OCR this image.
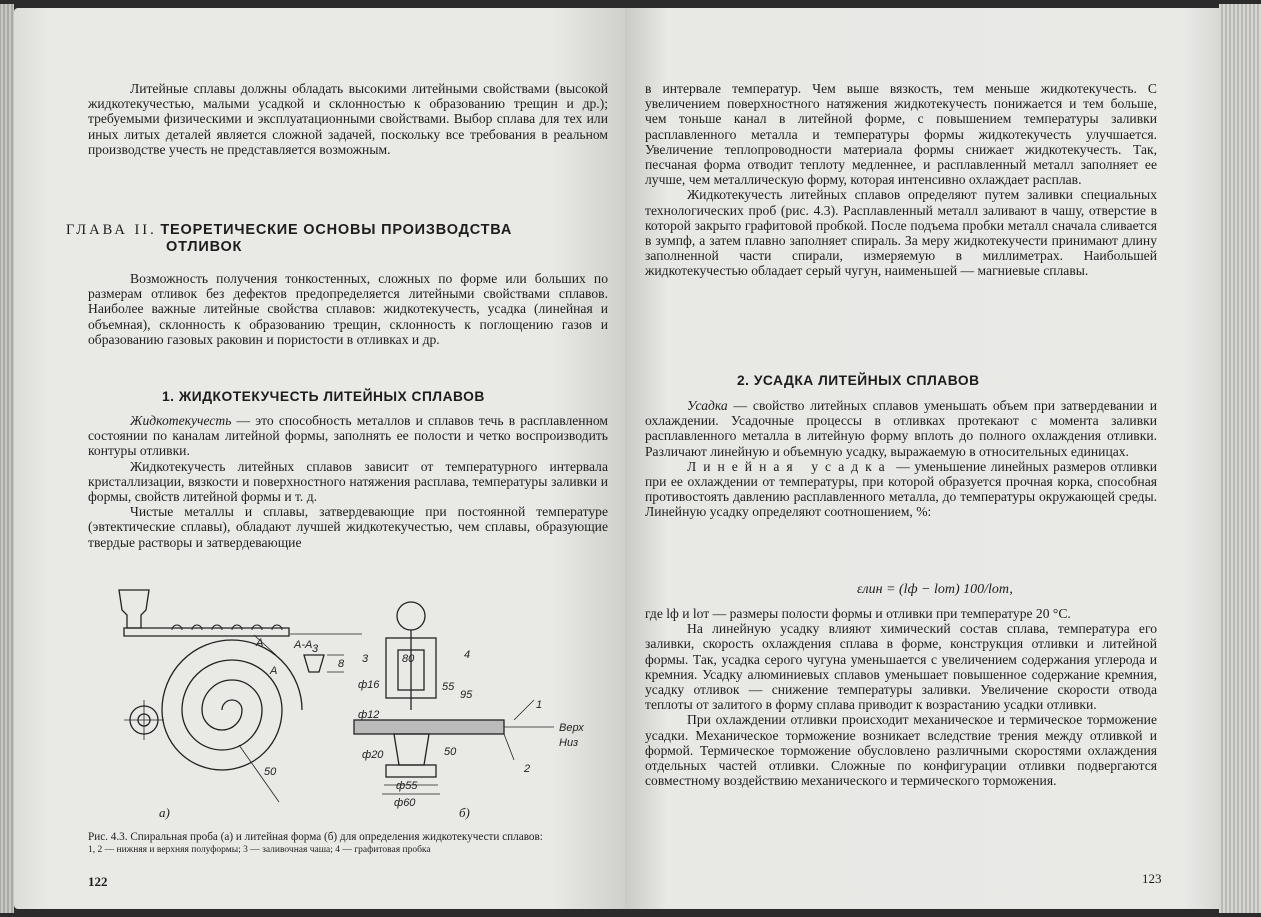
Литейные сплавы должны обладать высокими литейными свойствами (высокой жидкотекучестью, малыми усадкой и склонностью к образованию трещин и др.); требуемыми физическими и эксплуатационными свойствами. Выбор сплава для тех или иных литых деталей является сложной задачей, поскольку все требования в реальном производстве учесть не представляется возможным.

ГЛАВА II. ТЕОРЕТИЧЕСКИЕ ОСНОВЫ ПРОИЗВОДСТВА
ОТЛИВОК

Возможность получения тонкостенных, сложных по форме или больших по размерам отливок без дефектов предопределяется литейными свойствами сплавов. Наиболее важные литейные свойства сплавов: жидкотекучесть, усадка (линейная и объемная), склонность к образованию трещин, склонность к поглощению газов и образованию газовых раковин и пористости в отливках и др.

1. ЖИДКОТЕКУЧЕСТЬ ЛИТЕЙНЫХ СПЛАВОВ

Жидкотекучесть — это способность металлов и сплавов течь в расплавленном состоянии по каналам литейной формы, заполнять ее полости и четко воспроизводить контуры отливки.

Жидкотекучесть литейных сплавов зависит от температурного интервала кристаллизации, вязкости и поверхностного натяжения расплава, температуры заливки и формы, свойств литейной формы и т. д.

Чистые металлы и сплавы, затвердевающие при постоянной температуре (эвтектические сплавы), обладают лучшей жидкотекучестью, чем сплавы, образующие твердые растворы и затвердевающие

А-А
А
А
3
8
50
3	4
80
ф16
ф12
55
95
Верх
Низ
1
2
ф20	50
ф55
ф60
а)	б)
Рис. 4.3. Спиральная проба (а) и литейная форма (б) для определения жидкотекучести сплавов:
1, 2 — нижняя и верхняя полуформы; 3 — заливочная чаша; 4 — графитовая пробка
122

в интервале температур. Чем выше вязкость, тем меньше жидкотекучесть. С увеличением поверхностного натяжения жидкотекучесть понижается и тем больше, чем тоньше канал в литейной форме, с повышением температуры заливки расплавленного металла и температуры формы жидкотекучесть улучшается. Увеличение теплопроводности материала формы снижает жидкотекучесть. Так, песчаная форма отводит теплоту медленнее, и расплавленный металл заполняет ее лучше, чем металлическую форму, которая интенсивно охлаждает расплав.

Жидкотекучесть литейных сплавов определяют путем заливки специальных технологических проб (рис. 4.3). Расплавленный металл заливают в чашу, отверстие в которой закрыто графитовой пробкой. После подъема пробки металл сначала сливается в зумпф, а затем плавно заполняет спираль. За меру жидкотекучести принимают длину заполненной части спирали, измеряемую в миллиметрах. Наибольшей жидкотекучестью обладает серый чугун, наименьшей — магниевые сплавы.

2. УСАДКА ЛИТЕЙНЫХ СПЛАВОВ

Усадка — свойство литейных сплавов уменьшать объем при затвердевании и охлаждении. Усадочные процессы в отливках протекают с момента заливки расплавленного металла в литейную форму вплоть до полного охлаждения отливки. Различают линейную и объемную усадку, выражаемую в относительных единицах.

Линейная усадка — уменьшение линейных размеров отливки при ее охлаждении от температуры, при которой образуется прочная корка, способная противостоять давлению расплавленного металла, до температуры окружающей среды. Линейную усадку определяют соотношением, %:

εлин = (lф − lот) 100/lот,

где lф и lот — размеры полости формы и отливки при температуре 20 °С.

На линейную усадку влияют химический состав сплава, температура его заливки, скорость охлаждения сплава в форме, конструкция отливки и литейной формы. Так, усадка серого чугуна уменьшается с увеличением содержания углерода и кремния. Усадку алюминиевых сплавов уменьшает повышенное содержание кремния, усадку отливок — снижение температуры заливки. Увеличение скорости отвода теплоты от залитого в форму сплава приводит к возрастанию усадки отливки.

При охлаждении отливки происходит механическое и термическое торможение усадки. Механическое торможение возникает вследствие трения между отливкой и формой. Термическое торможение обусловлено различными скоростями охлаждения отдельных частей отливки. Сложные по конфигурации отливки подвергаются совместному воздействию механического и термического торможения.

123
